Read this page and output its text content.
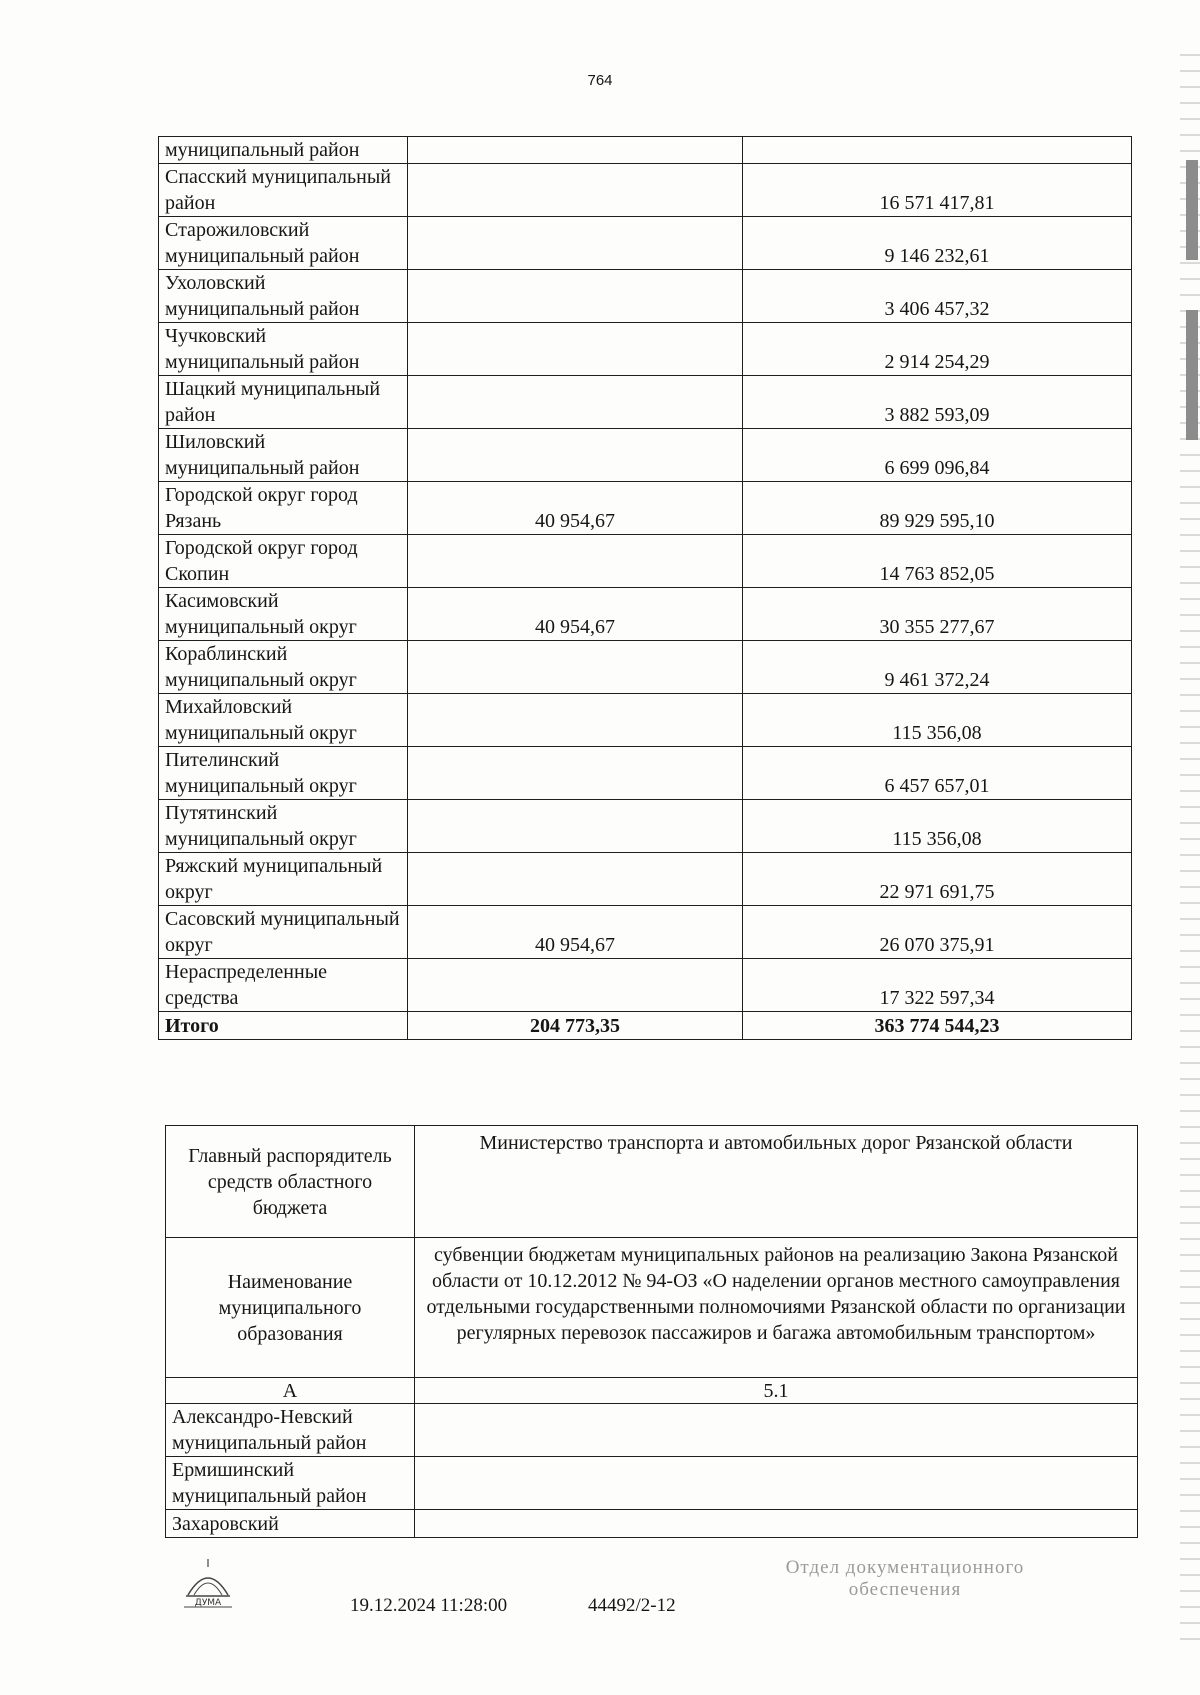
764
муниципальный район		
Спасский муниципальный район		16 571 417,81
Старожиловский муниципальный район		9 146 232,61
Ухоловский муниципальный район		3 406 457,32
Чучковский муниципальный район		2 914 254,29
Шацкий муниципальный район		3 882 593,09
Шиловский муниципальный район		6 699 096,84
Городской округ город Рязань	40 954,67	89 929 595,10
Городской округ город Скопин		14 763 852,05
Касимовский муниципальный округ	40 954,67	30 355 277,67
Кораблинский муниципальный округ		9 461 372,24
Михайловский муниципальный округ		115 356,08
Пителинский муниципальный округ		6 457 657,01
Путятинский муниципальный округ		115 356,08
Ряжский муниципальный округ		22 971 691,75
Сасовский муниципальный округ	40 954,67	26 070 375,91
Нераспределенные средства		17 322 597,34
Итого	204 773,35	363 774 544,23
Главный распорядитель средств областного бюджета	Министерство транспорта и автомобильных дорог Рязанской области
Наименование муниципального образования	субвенции бюджетам муниципальных районов на реализацию Закона Рязанской области от 10.12.2012 № 94-ОЗ «О наделении органов местного самоуправления отдельными государственными полномочиями Рязанской области по организации регулярных перевозок пассажиров и багажа автомобильным транспортом»
А	5.1
Александро-Невский муниципальный район	
Ермишинский муниципальный район	
Захаровский	
ДУМА	19.12.2024 11:28:00	44492/2-12
Отдел документационного
обеспечения
